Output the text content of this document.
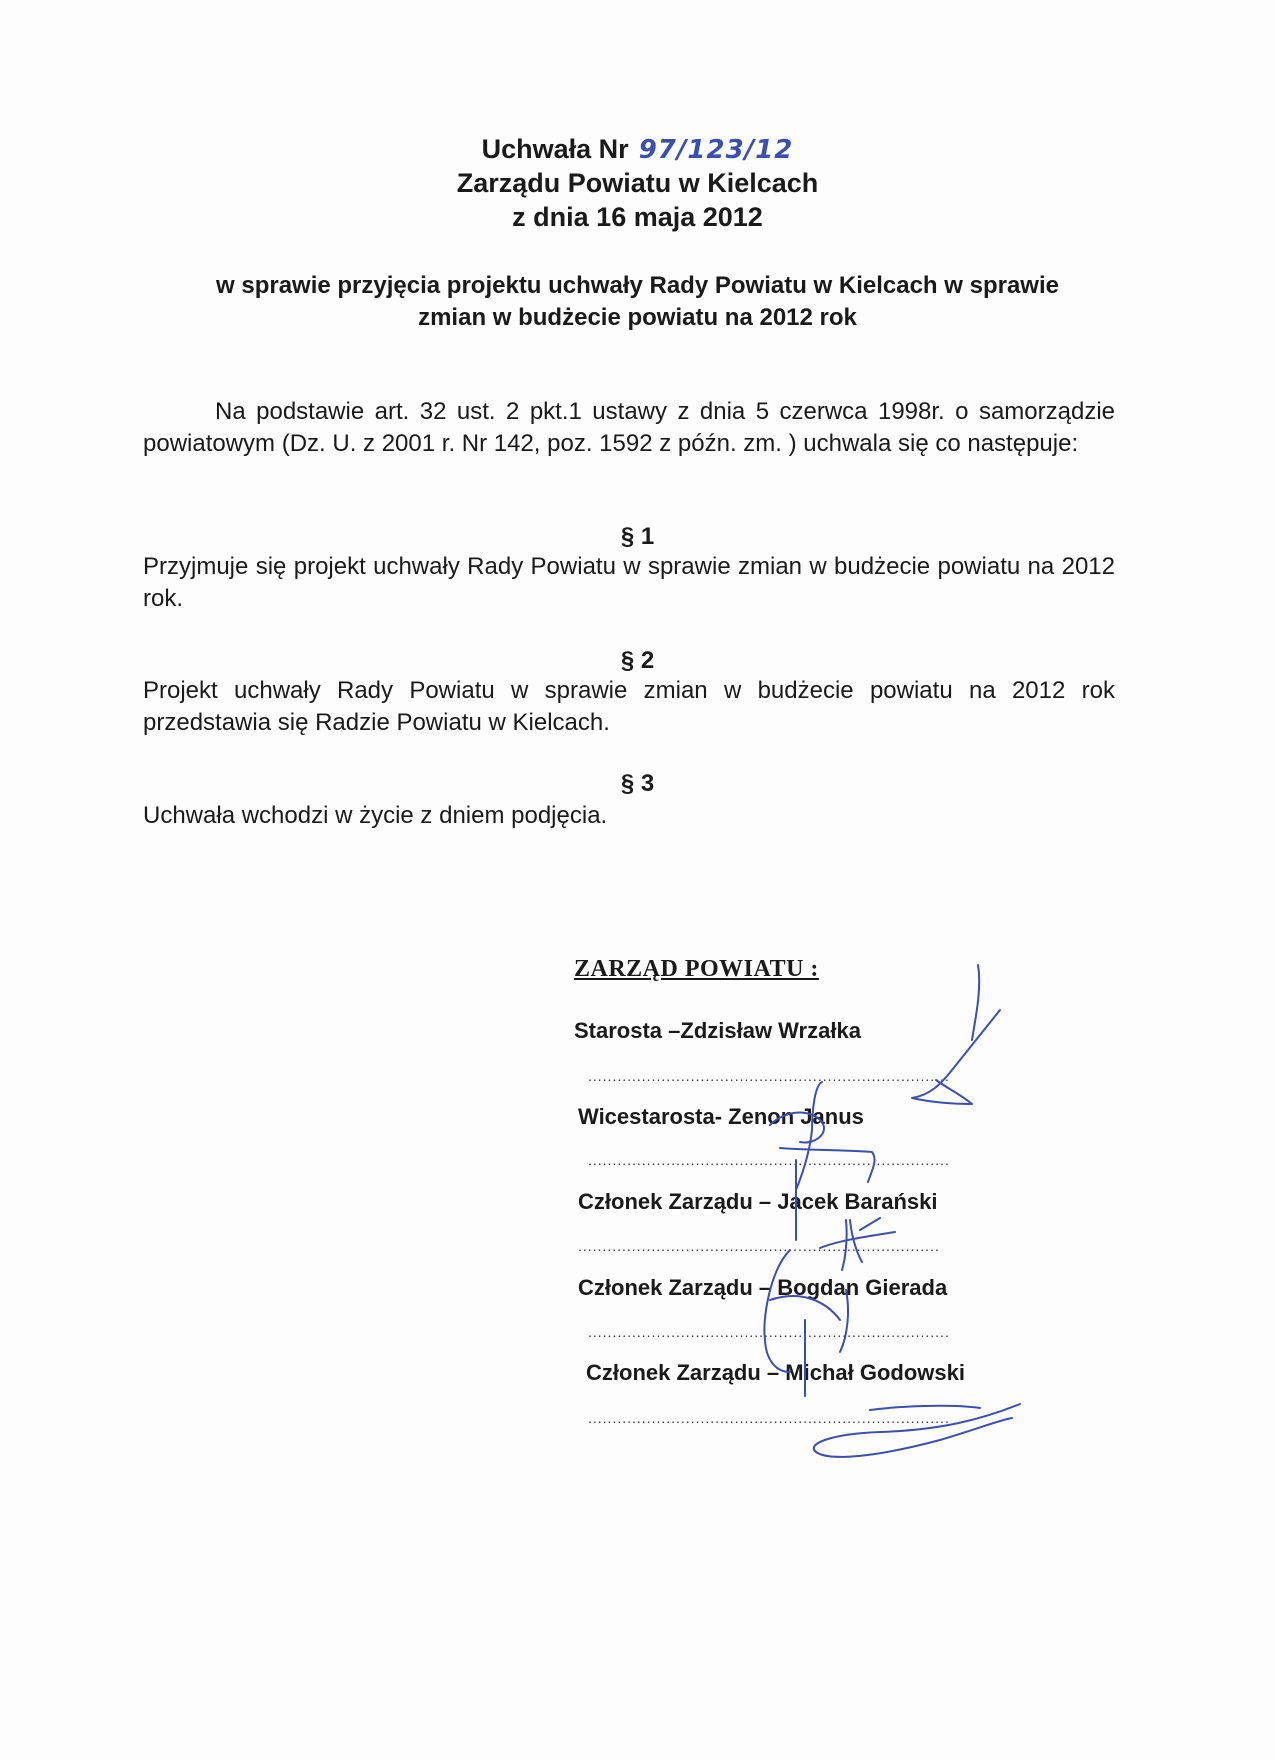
Uchwała Nr 97/123/12
Zarządu Powiatu w Kielcach
z dnia 16 maja 2012
w sprawie przyjęcia projektu uchwały Rady Powiatu w Kielcach w sprawie
zmian w budżecie powiatu na 2012 rok
Na podstawie art. 32 ust. 2 pkt.1 ustawy z dnia 5 czerwca 1998r. o samorządzie powiatowym (Dz. U. z 2001 r. Nr 142, poz. 1592 z późn. zm. ) uchwala się co następuje:
§ 1
Przyjmuje się projekt uchwały Rady Powiatu w sprawie zmian w budżecie powiatu na 2012 rok.
§ 2
Projekt uchwały Rady Powiatu w sprawie zmian w budżecie powiatu na 2012 rok przedstawia się Radzie Powiatu w Kielcach.
§ 3
Uchwała wchodzi w życie z dniem podjęcia.
ZARZĄD POWIATU :
Starosta –Zdzisław Wrzałka
..........................................................................
Wicestarosta- Zenon Janus
..........................................................................
Członek Zarządu – Jacek Barański
..........................................................................
Członek Zarządu – Bogdan Gierada
..........................................................................
Członek Zarządu – Michał Godowski
..........................................................................
